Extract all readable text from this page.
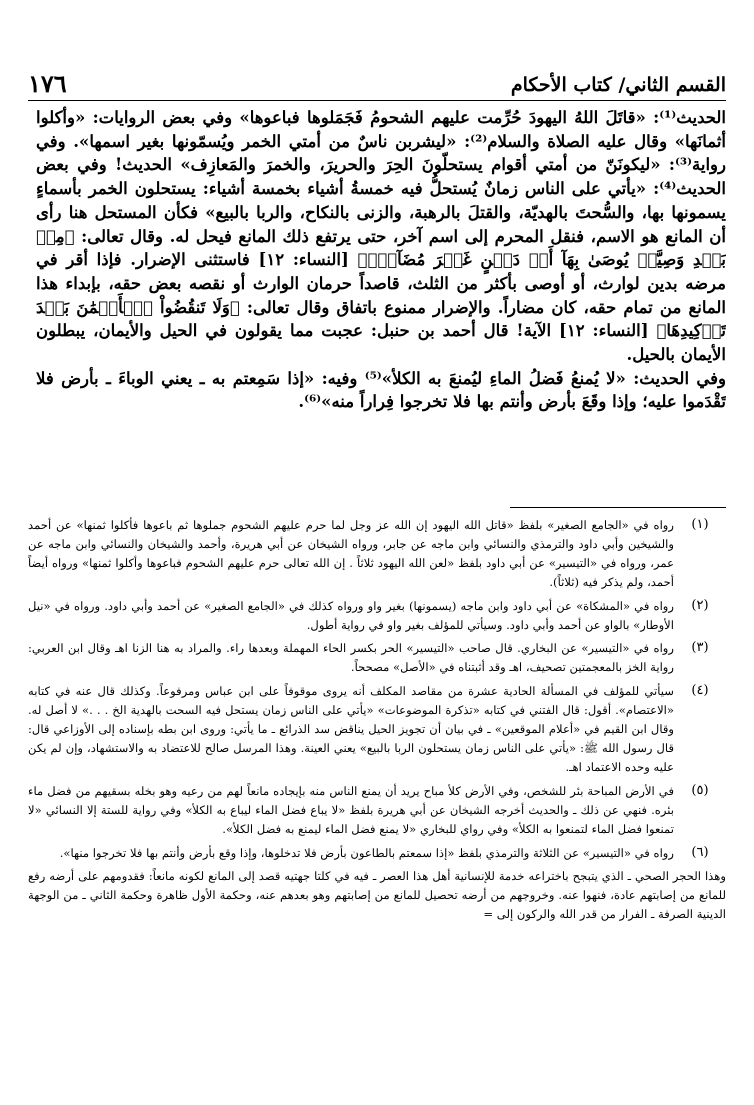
القسم الثاني/ كتاب الأحكام
١٧٦

الحديث⁽¹⁾: «قاتَلَ اللهُ اليهودَ حُرِّمت عليهم الشحومُ فَجَمَلوها فباعوها» وفي بعض الروايات: «وأكلوا أثمانَها» وقال عليه الصلاة والسلام⁽²⁾: «ليشربن ناسٌ من أمتي الخمر ويُسمّونها بغير اسمها». وفي رواية⁽³⁾: «ليكونَنّ من أمتي أقوام يستحلّونَ الحِرَ والحريرَ، والخمرَ والمَعازِف» الحديث! وفي بعض الحديث⁽⁴⁾: «يأتي على الناس زمانٌ يُستحلُّ فيه خمسةُ أشياء بخمسة أشياء: يستحلون الخمر بأسماءٍ يسمونها بها، والسُّحتَ بالهديّة، والقتلَ بالرهبة، والزنى بالنكاح، والربا بالبيع» فكأن المستحل هنا رأى أن المانع هو الاسم، فنقل المحرم إلى اسم آخر، حتى يرتفع ذلك المانع فيحل له. وقال تعالى: ﴿مِنۢ بَعۡدِ وَصِيَّةٖ يُوصَىٰ بِهَآ أَوۡ دَيۡنٍ غَيۡرَ مُضَآرّٖ﴾ [النساء: ١٢] فاستثنى الإضرار. فإذا أقر في مرضه بدين لوارث، أو أوصى بأكثر من الثلث، قاصداً حرمان الوارث أو نقصه بعض حقه، بإبداء هذا المانع من تمام حقه، كان مضاراً. والإضرار ممنوع باتفاق وقال تعالى: ﴿وَلَا تَنقُضُواْ ٱلۡأَيۡمَٰنَ بَعۡدَ تَوۡكِيدِهَا﴾ [النساء: ١٢] الآية! قال أحمد بن حنبل: عجبت مما يقولون في الحيل والأيمان، يبطلون الأيمان بالحيل.

وفي الحديث: «لا يُمنعُ فَضلُ الماءِ ليُمنعَ به الكلأ»⁽⁵⁾ وفيه: «إذا سَمِعتم به ـ يعني الوباءَ ـ بأرض فلا تَقْدَموا عليه؛ وإذا وقَعَ بأرض وأنتم بها فلا تخرجوا فِراراً منه»⁽⁶⁾.

(١)
رواه في «الجامع الصغير» بلفظ «قاتل الله اليهود إن الله عز وجل لما حرم عليهم الشحوم جملوها ثم باعوها فأكلوا ثمنها» عن أحمد والشيخين وأبي داود والترمذي والنسائي وابن ماجه عن جابر، ورواه الشيخان عن أبي هريرة، وأحمد والشيخان والنسائي وابن ماجه عن عمر، ورواه في «التيسير» عن أبي داود بلفظ «لعن الله اليهود ثلاثاً . إن الله تعالى حرم عليهم الشحوم فباعوها وأكلوا ثمنها» ورواه أيضاً أحمد، ولم يذكر فيه (ثلاثاً).
(٢)
رواه في «المشكاة» عن أبي داود وابن ماجه (يسمونها) بغير واو ورواه كذلك في «الجامع الصغير» عن أحمد وأبي داود. ورواه في «نيل الأوطار» بالواو عن أحمد وأبي داود. وسيأتي للمؤلف بغير واو في رواية أطول.
(٣)
رواه في «التيسير» عن البخاري. قال صاحب «التيسير» الحر بكسر الحاء المهملة وبعدها راء. والمراد به هنا الزنا اهـ وقال ابن العربي: رواية الخز بالمعجمتين تصحيف، اهـ وقد أثبتناه في «الأصل» مصححاً.
(٤)
سيأتي للمؤلف في المسألة الحادية عشرة من مقاصد المكلف أنه يروى موقوفاً على ابن عباس ومرفوعاً. وكذلك قال عنه في كتابه «الاعتصام». أقول: قال الفتني في كتابه «تذكرة الموضوعات» «يأتي على الناس زمان يستحل فيه السحت بالهدية الخ . . .» لا أصل له. وقال ابن القيم في «أعلام الموقعين» ـ في بيان أن تجويز الحيل يناقض سد الذرائع ـ ما يأتي: وروى ابن بطه بإسناده إلى الأوزاعي قال: قال رسول الله ﷺ: «يأتي على الناس زمان يستحلون الربا بالبيع» يعني العينة. وهذا المرسل صالح للاعتضاد به والاستشهاد، وإن لم يكن عليه وحده الاعتماد اهـ.
(٥)
في الأرض المباحة بئر للشخص، وفي الأرض كلأ مباح يريد أن يمنع الناس منه بإيجاده مانعاً لهم من رعيه وهو بخله بسقيهم من فضل ماء بئره. فنهي عن ذلك ـ والحديث أخرجه الشيخان عن أبي هريرة بلفظ «لا يباع فضل الماء ليباع به الكلأ» وفي رواية للستة إلا النسائي «لا تمنعوا فضل الماء لتمنعوا به الكلأ» وفي رواي للبخاري «لا يمنع فضل الماء ليمنع به فضل الكلأ».
(٦)
رواه في «التيسير» عن الثلاثة والترمذي بلفظ «إذا سمعتم بالطاعون بأرض فلا تدخلوها، وإذا وقع بأرض وأنتم بها فلا تخرجوا منها».
وهذا الحجر الصحي ـ الذي يتبجح باختراعه خدمة للإنسانية أهل هذا العصر ـ فيه في كلتا جهتيه قصد إلى المانع لكونه مانعاً: فقدومهم على أرضه رفع للمانع من إصابتهم عادة، فنهوا عنه. وخروجهم من أرضه تحصيل للمانع من إصابتهم وهو بعدهم عنه، وحكمة الأول ظاهرة وحكمة الثاني ـ من الوجهة الدينية الصرفة ـ الفرار من قدر الله والركون إلى =
